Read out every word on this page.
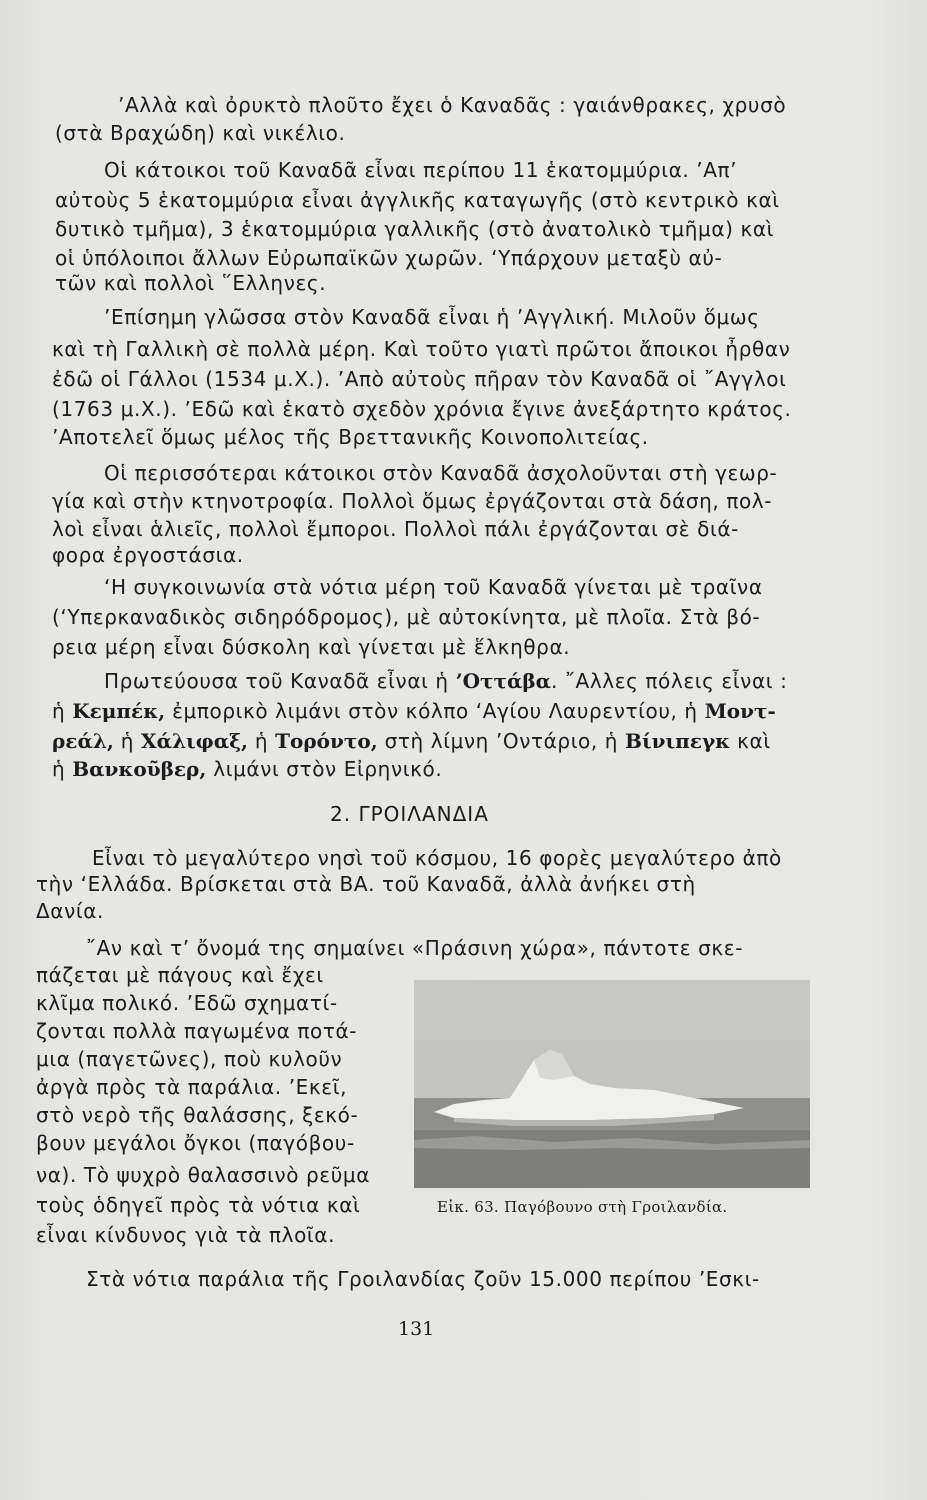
’Αλλὰ καὶ ὀρυκτὸ πλοῦτο ἔχει ὁ Καναδᾶς : γαιάνθρακες, χρυσὸ
(στὰ Βραχώδη) καὶ νικέλιο.
Οἱ κάτοικοι τοῦ Καναδᾶ εἶναι περίπου 11 ἑκατομμύρια. ’Απ’
αὐτοὺς 5 ἑκατομμύρια εἶναι ἀγγλικῆς καταγωγῆς (στὸ κεντρικὸ καὶ
δυτικὸ τμῆμα), 3 ἑκατομμύρια γαλλικῆς (στὸ ἀνατολικὸ τμῆμα) καὶ
οἱ ὑπόλοιποι ἄλλων Εὐρωπαϊκῶν χωρῶν. ‘Υπάρχουν μεταξὺ αὐ-
τῶν καὶ πολλοὶ ῞Ελληνες.
’Επίσημη γλῶσσα στὸν Καναδᾶ εἶναι ἡ ’Αγγλική. Μιλοῦν ὅμως
καὶ τὴ Γαλλικὴ σὲ πολλὰ μέρη. Καὶ τοῦτο γιατὶ πρῶτοι ἄποικοι ἦρθαν
ἐδῶ οἱ Γάλλοι (1534 μ.Χ.). ’Απὸ αὐτοὺς πῆραν τὸν Καναδᾶ οἱ ῎Αγγλοι
(1763 μ.Χ.). ’Εδῶ καὶ ἑκατὸ σχεδὸν χρόνια ἔγινε ἀνεξάρτητο κράτος.
’Αποτελεῖ ὅμως μέλος τῆς Βρεττανικῆς Κοινοπολιτείας.
Οἱ περισσότεραι κάτοικοι στὸν Καναδᾶ ἀσχολοῦνται στὴ γεωρ-
γία καὶ στὴν κτηνοτροφία. Πολλοὶ ὅμως ἐργάζονται στὰ δάση, πολ-
λοὶ εἶναι ἁλιεῖς, πολλοὶ ἔμποροι. Πολλοὶ πάλι ἐργάζονται σὲ διά-
φορα ἐργοστάσια.
‘Η συγκοινωνία στὰ νότια μέρη τοῦ Καναδᾶ γίνεται μὲ τραῖνα
(‘Υπερκαναδικὸς σιδηρόδρομος), μὲ αὐτοκίνητα, μὲ πλοῖα. Στὰ βό-
ρεια μέρη εἶναι δύσκολη καὶ γίνεται μὲ ἕλκηθρα.
Πρωτεύουσα τοῦ Καναδᾶ εἶναι ἡ ’Οττάβα. ῎Αλλες πόλεις εἶναι :
ἡ Κεμπέκ, ἐμπορικὸ λιμάνι στὸν κόλπο ‘Αγίου Λαυρεντίου, ἡ Μοντ-
ρεάλ, ἡ Χάλιφαξ, ἡ Τορόντο, στὴ λίμνη ’Οντάριο, ἡ Βίνιπεγκ καὶ
ἡ Βανκοῦβερ, λιμάνι στὸν Εἰρηνικό.
2. ΓΡΟΙΛΑΝΔΙΑ
Εἶναι τὸ μεγαλύτερο νησὶ τοῦ κόσμου, 16 φορὲς μεγαλύτερο ἀπὸ
τὴν ‘Ελλάδα. Βρίσκεται στὰ ΒΑ. τοῦ Καναδᾶ, ἀλλὰ ἀνήκει στὴ
Δανία.
῎Αν καὶ τ’ ὄνομά της σημαίνει «Πράσινη χώρα», πάντοτε σκε-
πάζεται μὲ πάγους καὶ ἔχει
κλῖμα πολικό. ’Εδῶ σχηματί-
ζονται πολλὰ παγωμένα ποτά-
μια (παγετῶνες), ποὺ κυλοῦν
ἀργὰ πρὸς τὰ παράλια. ’Εκεῖ,
στὸ νερὸ τῆς θαλάσσης, ξεκό-
βουν μεγάλοι ὄγκοι (παγόβου-
να). Τὸ ψυχρὸ θαλασσινὸ ρεῦμα
τοὺς ὁδηγεῖ πρὸς τὰ νότια καὶ
εἶναι κίνδυνος γιὰ τὰ πλοῖα.
Εἰκ. 63. Παγόβουνο στὴ Γροιλανδία.
Στὰ νότια παράλια τῆς Γροιλανδίας ζοῦν 15.000 περίπου ’Εσκι-
131
